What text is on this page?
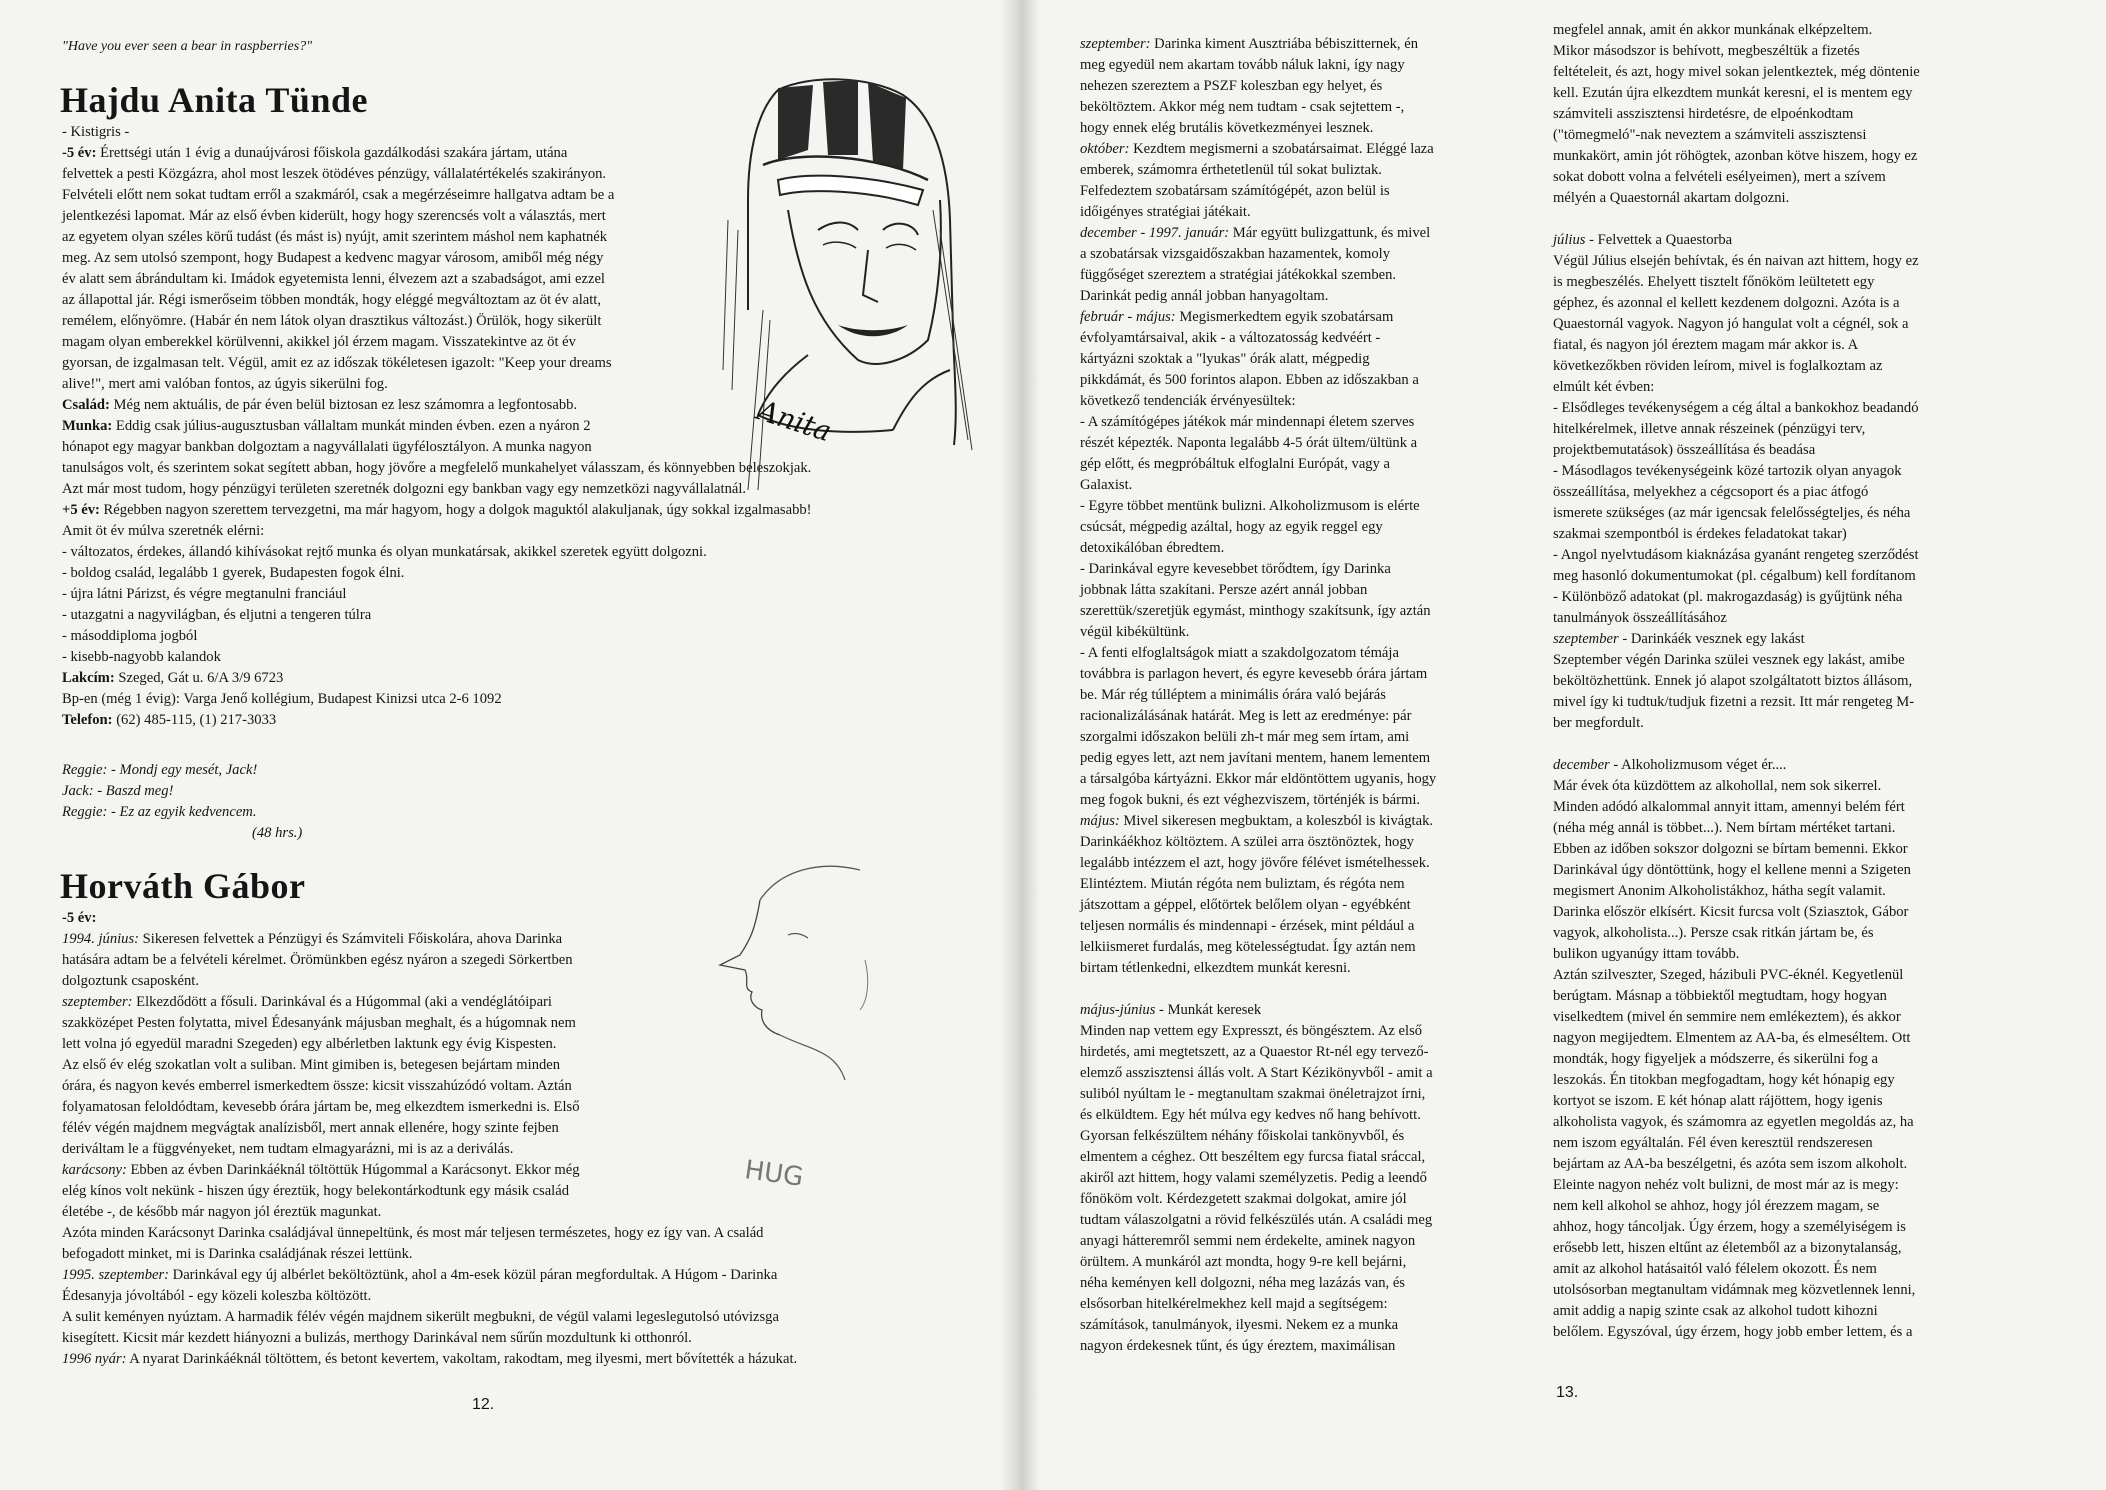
"Have you ever seen a bear in raspberries?"
Hajdu Anita Tünde
- Kistigris -

-5 év: Érettségi után 1 évig a dunaújvárosi főiskola gazdálkodási szakára jártam, utána

felvettek a pesti Közgázra, ahol most leszek ötödéves pénzügy, vállalatértékelés szakirányon.

Felvételi előtt nem sokat tudtam erről a szakmáról, csak a megérzéseimre hallgatva adtam be a

jelentkezési lapomat. Már az első évben kiderült, hogy hogy szerencsés volt a választás, mert

az egyetem olyan széles körű tudást (és mást is) nyújt, amit szerintem máshol nem kaphatnék

meg. Az sem utolsó szempont, hogy Budapest a kedvenc magyar városom, amiből még négy

év alatt sem ábrándultam ki. Imádok egyetemista lenni, élvezem azt a szabadságot, ami ezzel

az állapottal jár. Régi ismerőseim többen mondták, hogy eléggé megváltoztam az öt év alatt,

remélem, előnyömre. (Habár én nem látok olyan drasztikus változást.) Örülök, hogy sikerült

magam olyan emberekkel körülvenni, akikkel jól érzem magam. Visszatekintve az öt év

gyorsan, de izgalmasan telt. Végül, amit ez az időszak tökéletesen igazolt: "Keep your dreams

alive!", mert ami valóban fontos, az úgyis sikerülni fog.

Család: Még nem aktuális, de pár éven belül biztosan ez lesz számomra a legfontosabb.

Munka: Eddig csak július-augusztusban vállaltam munkát minden évben. ezen a nyáron 2

hónapot egy magyar bankban dolgoztam a nagyvállalati ügyfélosztályon. A munka nagyon

tanulságos volt, és szerintem sokat segített abban, hogy jövőre a megfelelő munkahelyet válasszam, és könnyebben beleszokjak.

Azt már most tudom, hogy pénzügyi területen szeretnék dolgozni egy bankban vagy egy nemzetközi nagyvállalatnál.

+5 év: Régebben nagyon szerettem tervezgetni, ma már hagyom, hogy a dolgok maguktól alakuljanak, úgy sokkal izgalmasabb!

Amit öt év múlva szeretnék elérni:

- változatos, érdekes, állandó kihívásokat rejtő munka és olyan munkatársak, akikkel szeretek együtt dolgozni.

- boldog család, legalább 1 gyerek, Budapesten fogok élni.

- újra látni Párizst, és végre megtanulni franciául

- utazgatni a nagyvilágban, és eljutni a tengeren túlra

- másoddiploma jogból

- kisebb-nagyobb kalandok

Lakcím: Szeged, Gát u. 6/A 3/9 6723

Bp-en (még 1 évig): Varga Jenő kollégium, Budapest Kinizsi utca 2-6 1092

Telefon: (62) 485-115, (1) 217-3033

Anita

Reggie: - Mondj egy mesét, Jack!

Jack: - Baszd meg!

Reggie: - Ez az egyik kedvencem.

(48 hrs.)

Horváth Gábor

-5 év:

1994. június: Sikeresen felvettek a Pénzügyi és Számviteli Főiskolára, ahova Darinka

hatására adtam be a felvételi kérelmet. Örömünkben egész nyáron a szegedi Sörkertben

dolgoztunk csaposként.

szeptember: Elkezdődött a fősuli. Darinkával és a Húgommal (aki a vendéglátóipari

szakközépet Pesten folytatta, mivel Édesanyánk májusban meghalt, és a húgomnak nem

lett volna jó egyedül maradni Szegeden) egy albérletben laktunk egy évig Kispesten.

Az első év elég szokatlan volt a suliban. Mint gimiben is, betegesen bejártam minden

órára, és nagyon kevés emberrel ismerkedtem össze: kicsit visszahúzódó voltam. Aztán

folyamatosan feloldódtam, kevesebb órára jártam be, meg elkezdtem ismerkedni is. Első

félév végén majdnem megvágtak analízisből, mert annak ellenére, hogy szinte fejben

deriváltam le a függvényeket, nem tudtam elmagyarázni, mi is az a deriválás.

karácsony: Ebben az évben Darinkáéknál töltöttük Húgommal a Karácsonyt. Ekkor még

elég kínos volt nekünk - hiszen úgy éreztük, hogy belekontárkodtunk egy másik család

életébe -, de később már nagyon jól éreztük magunkat.

Azóta minden Karácsonyt Darinka családjával ünnepeltünk, és most már teljesen természetes, hogy ez így van. A család

befogadott minket, mi is Darinka családjának részei lettünk.

1995. szeptember: Darinkával egy új albérlet beköltöztünk, ahol a 4m-esek közül páran megfordultak. A Húgom - Darinka

Édesanyja jóvoltából - egy közeli koleszba költözött.

A sulit keményen nyúztam. A harmadik félév végén majdnem sikerült megbukni, de végül valami legeslegutolsó utóvizsga

kisegített. Kicsit már kezdett hiányozni a bulizás, merthogy Darinkával nem sűrűn mozdultunk ki otthonról.

1996 nyár: A nyarat Darinkáéknál töltöttem, és betont kevertem, vakoltam, rakodtam, meg ilyesmi, mert bővítették a házukat.

HUG
12.

szeptember: Darinka kiment Ausztriába bébiszitternek, én

meg egyedül nem akartam tovább náluk lakni, így nagy

nehezen szereztem a PSZF koleszban egy helyet, és

beköltöztem. Akkor még nem tudtam - csak sejtettem -,

hogy ennek elég brutális következményei lesznek.

október: Kezdtem megismerni a szobatársaimat. Eléggé laza

emberek, számomra érthetetlenül túl sokat buliztak.

Felfedeztem szobatársam számítógépét, azon belül is

időigényes stratégiai játékait.

december - 1997. január: Már együtt bulizgattunk, és mivel

a szobatársak vizsgaidőszakban hazamentek, komoly

függőséget szereztem a stratégiai játékokkal szemben.

Darinkát pedig annál jobban hanyagoltam.

február - május: Megismerkedtem egyik szobatársam

évfolyamtársaival, akik - a változatosság kedvéért -

kártyázni szoktak a "lyukas" órák alatt, mégpedig

pikkdámát, és 500 forintos alapon. Ebben az időszakban a

következő tendenciák érvényesültek:

- A számítógépes játékok már mindennapi életem szerves

részét képezték. Naponta legalább 4-5 órát ültem/ültünk a

gép előtt, és megpróbáltuk elfoglalni Európát, vagy a

Galaxist.

- Egyre többet mentünk bulizni. Alkoholizmusom is elérte

csúcsát, mégpedig azáltal, hogy az egyik reggel egy

detoxikálóban ébredtem.

- Darinkával egyre kevesebbet törődtem, így Darinka

jobbnak látta szakítani. Persze azért annál jobban

szerettük/szeretjük egymást, minthogy szakítsunk, így aztán

végül kibékültünk.

- A fenti elfoglaltságok miatt a szakdolgozatom témája

továbbra is parlagon hevert, és egyre kevesebb órára jártam

be. Már rég túlléptem a minimális órára való bejárás

racionalizálásának határát. Meg is lett az eredménye: pár

szorgalmi időszakon belüli zh-t már meg sem írtam, ami

pedig egyes lett, azt nem javítani mentem, hanem lementem

a társalgóba kártyázni. Ekkor már eldöntöttem ugyanis, hogy

meg fogok bukni, és ezt véghezviszem, történjék is bármi.

május: Mivel sikeresen megbuktam, a koleszból is kivágtak.

Darinkáékhoz költöztem. A szülei arra ösztönöztek, hogy

legalább intézzem el azt, hogy jövőre félévet ismételhessek.

Elintéztem. Miután régóta nem buliztam, és régóta nem

játszottam a géppel, előtörtek belőlem olyan - egyébként

teljesen normális és mindennapi - érzések, mint például a

lelkiismeret furdalás, meg kötelességtudat. Így aztán nem

birtam tétlenkedni, elkezdtem munkát keresni.

május-június - Munkát keresek

Minden nap vettem egy Expresszt, és böngésztem. Az első

hirdetés, ami megtetszett, az a Quaestor Rt-nél egy tervező-

elemző asszisztensi állás volt. A Start Kézikönyvből - amit a

suliból nyúltam le - megtanultam szakmai önéletrajzot írni,

és elküldtem. Egy hét múlva egy kedves nő hang behívott.

Gyorsan felkészültem néhány főiskolai tankönyvből, és

elmentem a céghez. Ott beszéltem egy furcsa fiatal sráccal,

akiről azt hittem, hogy valami személyzetis. Pedig a leendő

főnököm volt. Kérdezgetett szakmai dolgokat, amire jól

tudtam válaszolgatni a rövid felkészülés után. A családi meg

anyagi hátteremről semmi nem érdekelte, aminek nagyon

örültem. A munkáról azt mondta, hogy 9-re kell bejárni,

néha keményen kell dolgozni, néha meg lazázás van, és

elsősorban hitelkérelmekhez kell majd a segítségem:

számítások, tanulmányok, ilyesmi. Nekem ez a munka

nagyon érdekesnek tűnt, és úgy éreztem, maximálisan

megfelel annak, amit én akkor munkának elképzeltem.

Mikor másodszor is behívott, megbeszéltük a fizetés

feltételeit, és azt, hogy mivel sokan jelentkeztek, még döntenie

kell. Ezután újra elkezdtem munkát keresni, el is mentem egy

számviteli asszisztensi hirdetésre, de elpoénkodtam

("tömegmeló"-nak neveztem a számviteli asszisztensi

munkakört, amin jót röhögtek, azonban kötve hiszem, hogy ez

sokat dobott volna a felvételi esélyeimen), mert a szívem

mélyén a Quaestornál akartam dolgozni.

július - Felvettek a Quaestorba

Végül Július elsején behívtak, és én naivan azt hittem, hogy ez

is megbeszélés. Ehelyett tisztelt főnököm leültetett egy

géphez, és azonnal el kellett kezdenem dolgozni. Azóta is a

Quaestornál vagyok. Nagyon jó hangulat volt a cégnél, sok a

fiatal, és nagyon jól éreztem magam már akkor is. A

következőkben röviden leírom, mivel is foglalkoztam az

elmúlt két évben:

- Elsődleges tevékenységem a cég által a bankokhoz beadandó

hitelkérelmek, illetve annak részeinek (pénzügyi terv,

projektbemutatások) összeállítása és beadása

- Másodlagos tevékenységeink közé tartozik olyan anyagok

összeállítása, melyekhez a cégcsoport és a piac átfogó

ismerete szükséges (az már igencsak felelősségteljes, és néha

szakmai szempontból is érdekes feladatokat takar)

- Angol nyelvtudásom kiaknázása gyanánt rengeteg szerződést

meg hasonló dokumentumokat (pl. cégalbum) kell fordítanom

- Különböző adatokat (pl. makrogazdaság) is gyűjtünk néha

tanulmányok összeállításához

szeptember - Darinkáék vesznek egy lakást

Szeptember végén Darinka szülei vesznek egy lakást, amibe

beköltözhettünk. Ennek jó alapot szolgáltatott biztos állásom,

mivel így ki tudtuk/tudjuk fizetni a rezsit. Itt már rengeteg M-

ber megfordult.

december - Alkoholizmusom véget ér....

Már évek óta küzdöttem az alkohollal, nem sok sikerrel.

Minden adódó alkalommal annyit ittam, amennyi belém fért

(néha még annál is többet...). Nem bírtam mértéket tartani.

Ebben az időben sokszor dolgozni se bírtam bemenni. Ekkor

Darinkával úgy döntöttünk, hogy el kellene menni a Szigeten

megismert Anonim Alkoholistákhoz, hátha segít valamit.

Darinka először elkísért. Kicsit furcsa volt (Sziasztok, Gábor

vagyok, alkoholista...). Persze csak ritkán jártam be, és

bulikon ugyanúgy ittam tovább.

Aztán szilveszter, Szeged, házibuli PVC-éknél. Kegyetlenül

berúgtam. Másnap a többiektől megtudtam, hogy hogyan

viselkedtem (mivel én semmire nem emlékeztem), és akkor

nagyon megijedtem. Elmentem az AA-ba, és elmeséltem. Ott

mondták, hogy figyeljek a módszerre, és sikerülni fog a

leszokás. Én titokban megfogadtam, hogy két hónapig egy

kortyot se iszom. E két hónap alatt rájöttem, hogy igenis

alkoholista vagyok, és számomra az egyetlen megoldás az, ha

nem iszom egyáltalán. Fél éven keresztül rendszeresen

bejártam az AA-ba beszélgetni, és azóta sem iszom alkoholt.

Eleinte nagyon nehéz volt bulizni, de most már az is megy:

nem kell alkohol se ahhoz, hogy jól érezzem magam, se

ahhoz, hogy táncoljak. Úgy érzem, hogy a személyiségem is

erősebb lett, hiszen eltűnt az életemből az a bizonytalanság,

amit az alkohol hatásaitól való félelem okozott. És nem

utolsósorban megtanultam vidámnak meg közvetlennek lenni,

amit addig a napig szinte csak az alkohol tudott kihozni

belőlem. Egyszóval, úgy érzem, hogy jobb ember lettem, és a

13.
